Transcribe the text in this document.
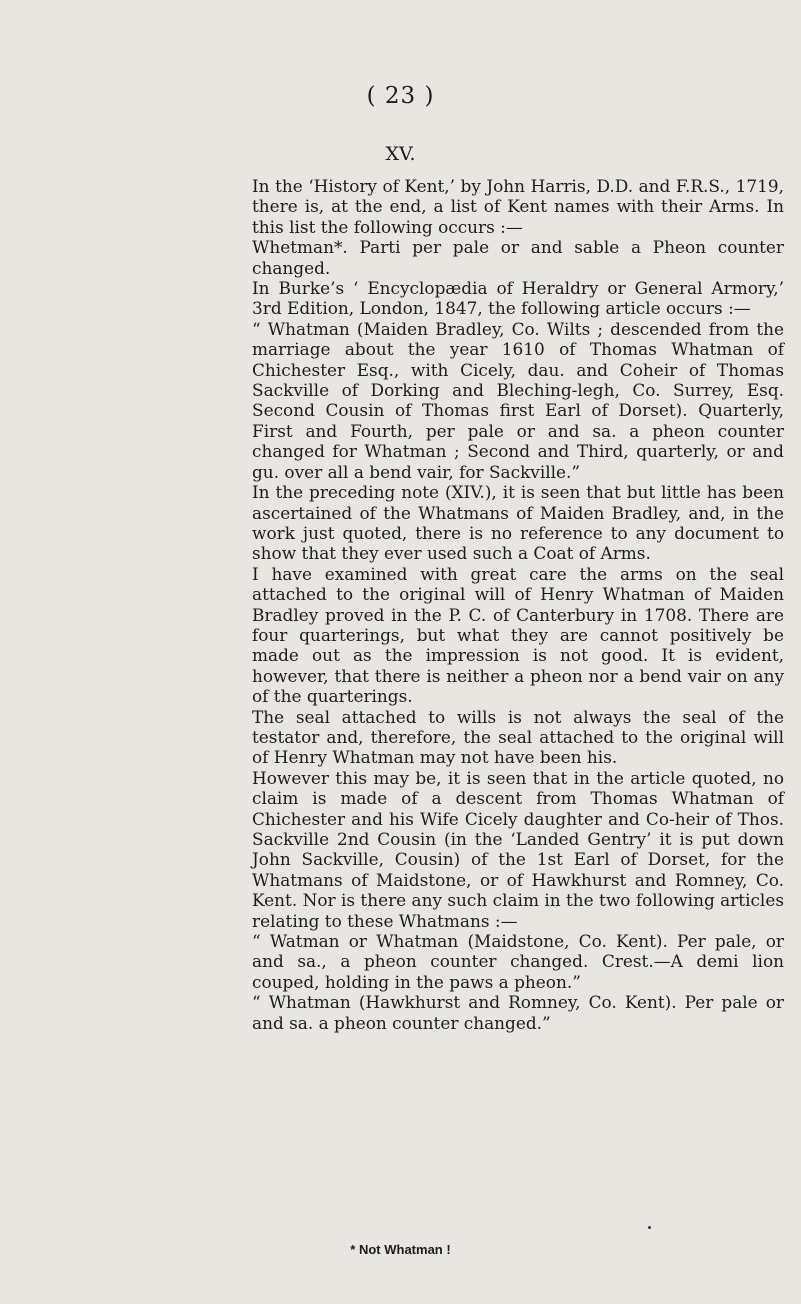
( 23 )
XV.

In the ‘History of Kent,’ by John Harris, D.D. and F.R.S., 1719, there is, at the end, a list of Kent names with their Arms. In this list the following occurs :—

Whetman*. Parti per pale or and sable a Pheon counter changed.

In Burke’s ‘ Encyclopædia of Heraldry or General Armory,’ 3rd Edition, London, 1847, the following article occurs :—

“ Whatman (Maiden Bradley, Co. Wilts ; descended from the marriage about the year 1610 of Thomas Whatman of Chichester Esq., with Cicely, dau. and Coheir of Thomas Sackville of Dorking and Bleching-legh, Co. Surrey, Esq. Second Cousin of Thomas first Earl of Dorset). Quarterly, First and Fourth, per pale or and sa. a pheon counter changed for Whatman ; Second and Third, quarterly, or and gu. over all a bend vair, for Sackville.”

In the preceding note (XIV.), it is seen that but little has been ascertained of the Whatmans of Maiden Bradley, and, in the work just quoted, there is no reference to any document to show that they ever used such a Coat of Arms.

I have examined with great care the arms on the seal attached to the original will of Henry Whatman of Maiden Bradley proved in the P. C. of Canterbury in 1708. There are four quarterings, but what they are cannot positively be made out as the impression is not good. It is evident, however, that there is neither a pheon nor a bend vair on any of the quarterings.

The seal attached to wills is not always the seal of the testator and, therefore, the seal attached to the original will of Henry Whatman may not have been his.

However this may be, it is seen that in the article quoted, no claim is made of a descent from Thomas Whatman of Chichester and his Wife Cicely daughter and Co-heir of Thos. Sackville 2nd Cousin (in the ‘Landed Gentry’ it is put down John Sackville, Cousin) of the 1st Earl of Dorset, for the Whatmans of Maidstone, or of Hawkhurst and Romney, Co. Kent. Nor is there any such claim in the two following articles relating to these Whatmans :—

“ Watman or Whatman (Maidstone, Co. Kent). Per pale, or and sa., a pheon counter changed. Crest.—A demi lion couped, holding in the paws a pheon.”

“ Whatman (Hawkhurst and Romney, Co. Kent). Per pale or and sa. a pheon counter changed.”

* Not Whatman !
